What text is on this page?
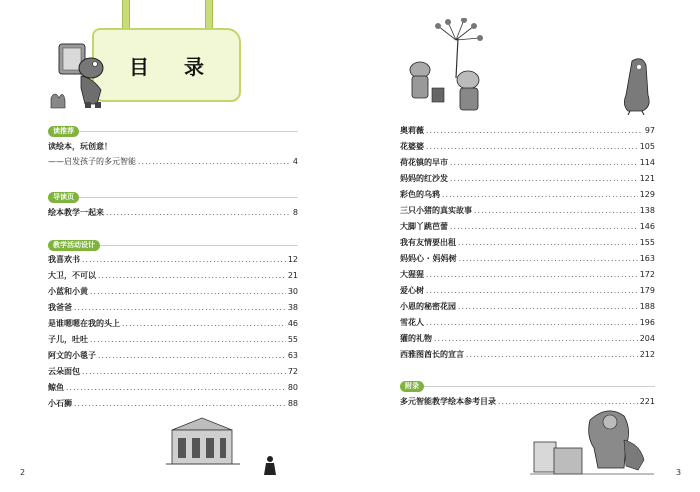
目 录
读推荐
读绘本，玩创意！
——启发孩子的多元智能 .....	4
导读页
绘本教学一起来 .....	8
教学活动设计
我喜欢书 .....	12
大卫，不可以 .....	21
小蓝和小黄 .....	30
我爸爸 .....	38
是谁嗯嗯在我的头上 .....	46
子儿，吐吐 .....	55
阿文的小毯子 .....	63
云朵面包 .....	72
鲸鱼 .....	80
小石狮 .....	88
2
奥莉薇 .....	97
花婆婆 .....	105
荷花镇的早市 .....	114
妈妈的红沙发 .....	121
彩色的乌鸦 .....	129
三只小猪的真实故事 .....	138
大脚丫跳芭蕾 .....	146
我有友情要出租 .....	155
妈妈心 · 妈妈树 .....	163
大猩猩 .....	172
爱心树 .....	179
小恩的秘密花园 .....	188
雪花人 .....	196
獾的礼物 .....	204
西雅图酋长的宣言 .....	212
附录
多元智能教学绘本参考目录 .....	221
3
